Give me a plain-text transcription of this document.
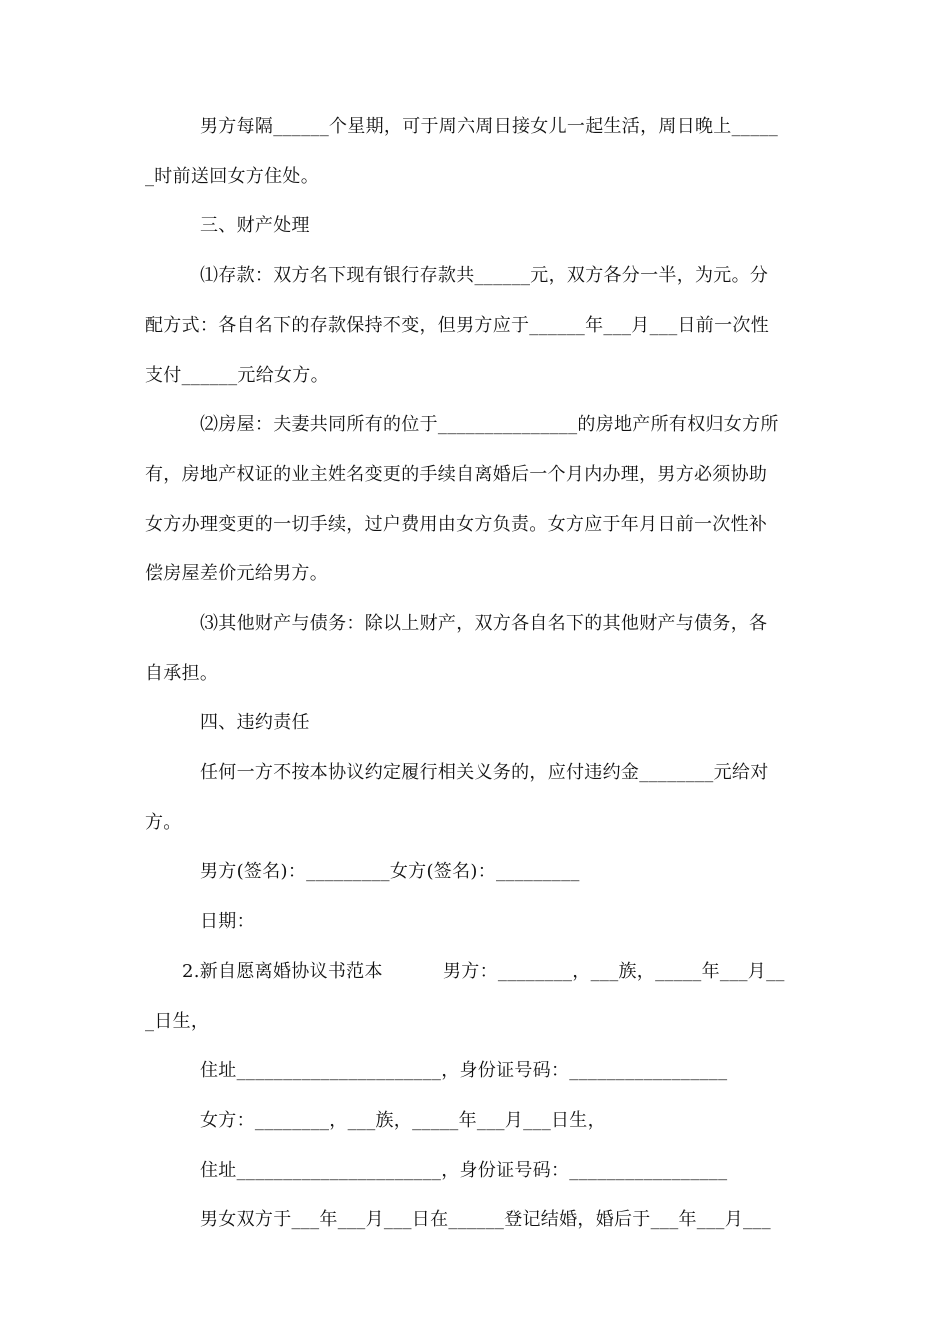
男方每隔______个星期，可于周六周日接女儿一起生活，周日晚上_____
_时前送回女方住处。
三、财产处理
⑴存款：双方名下现有银行存款共______元，双方各分一半，为元。分
配方式：各自名下的存款保持不变，但男方应于______年___月___日前一次性
支付______元给女方。
⑵房屋：夫妻共同所有的位于_______________的房地产所有权归女方所
有，房地产权证的业主姓名变更的手续自离婚后一个月内办理，男方必须协助
女方办理变更的一切手续，过户费用由女方负责。女方应于年月日前一次性补
偿房屋差价元给男方。
⑶其他财产与债务：除以上财产，双方各自名下的其他财产与债务，各
自承担。
四、违约责任
任何一方不按本协议约定履行相关义务的，应付违约金________元给对
方。
男方(签名)：_________女方(签名)：_________
日期：
2.新自愿离婚协议书范本          男方：________，___族，_____年___月__
_日生，
住址______________________，身份证号码：_________________
女方：________，___族，_____年___月___日生，
住址______________________，身份证号码：_________________
男女双方于___年___月___日在______登记结婚，婚后于___年___月___
